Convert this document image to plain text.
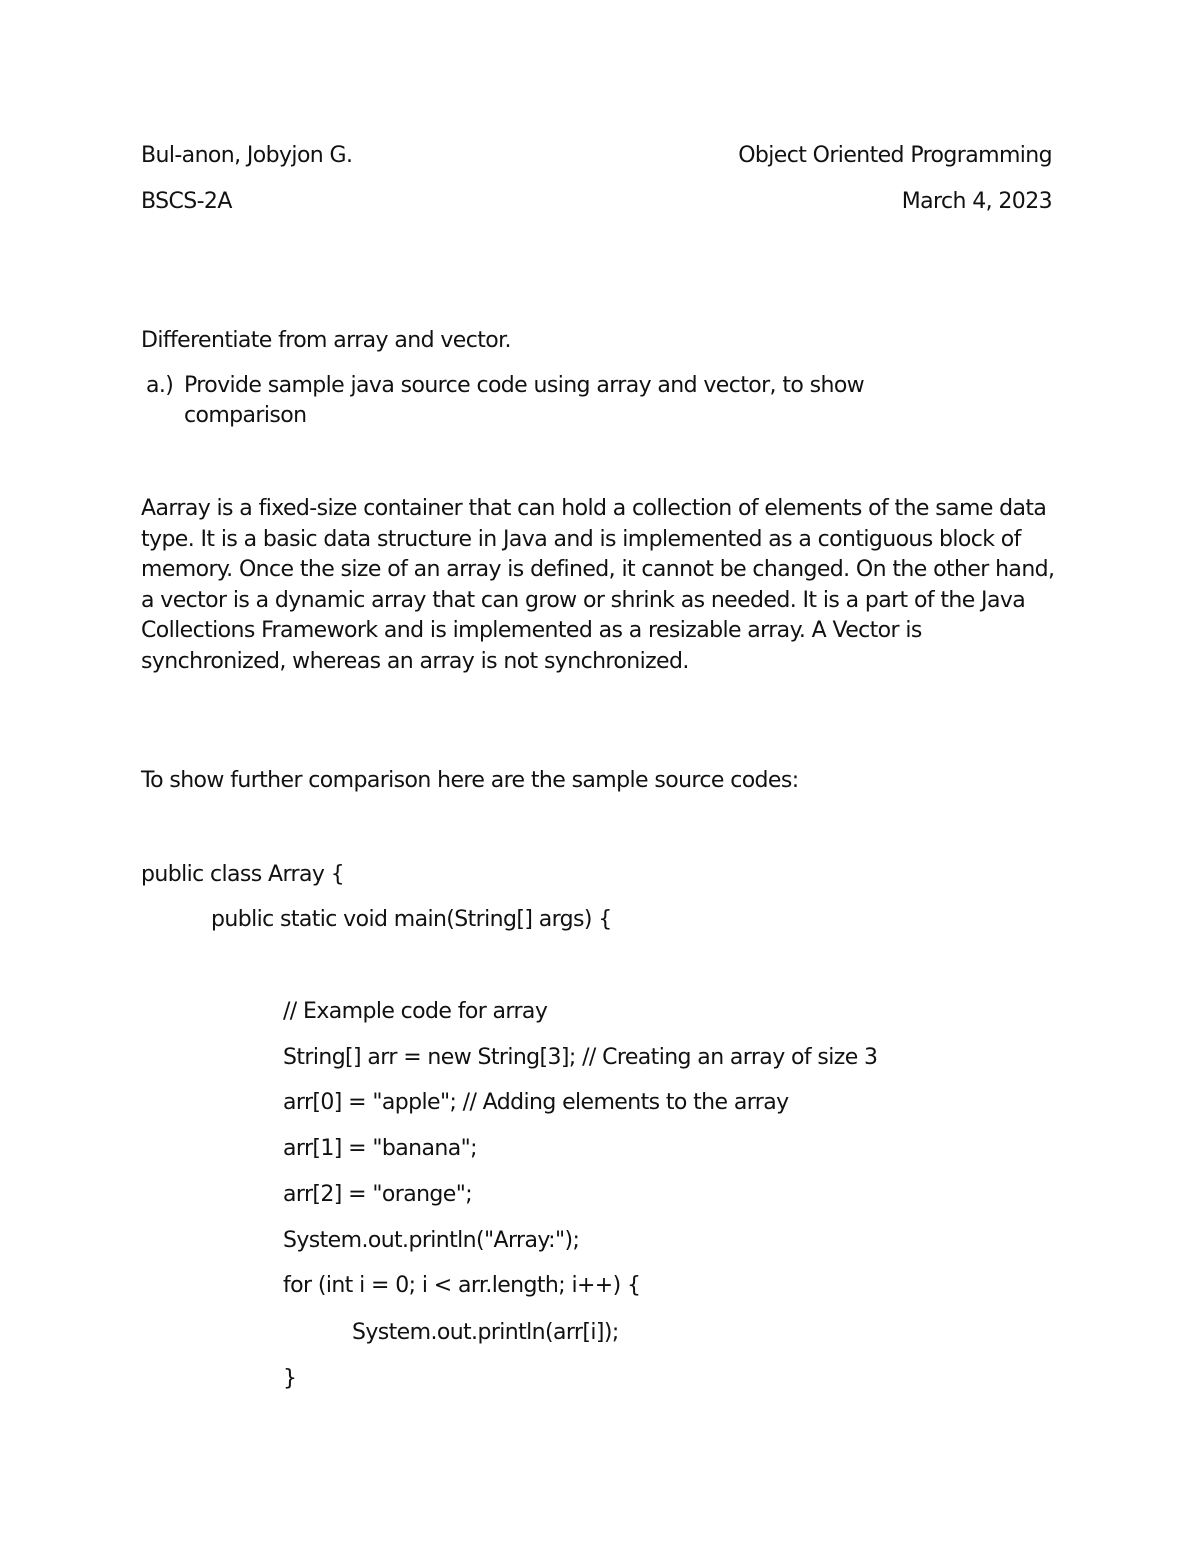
Bul-anon, Jobyjon G.	Object Oriented Programming
BSCS-2A	March 4, 2023
Differentiate from array and vector.
a.) Provide sample java source code using array and vector, to show
comparison
Aarray is a fixed-size container that can hold a collection of elements of the same data type. It is a basic data structure in Java and is implemented as a contiguous block of memory. Once the size of an array is defined, it cannot be changed. On the other hand, a vector is a dynamic array that can grow or shrink as needed. It is a part of the Java Collections Framework and is implemented as a resizable array. A Vector is synchronized, whereas an array is not synchronized.
To show further comparison here are the sample source codes:
public class Array {
public static void main(String[] args) {
// Example code for array
String[] arr = new String[3]; // Creating an array of size 3
arr[0] = "apple"; // Adding elements to the array
arr[1] = "banana";
arr[2] = "orange";
System.out.println("Array:");
for (int i = 0; i < arr.length; i++) {
System.out.println(arr[i]);
}
